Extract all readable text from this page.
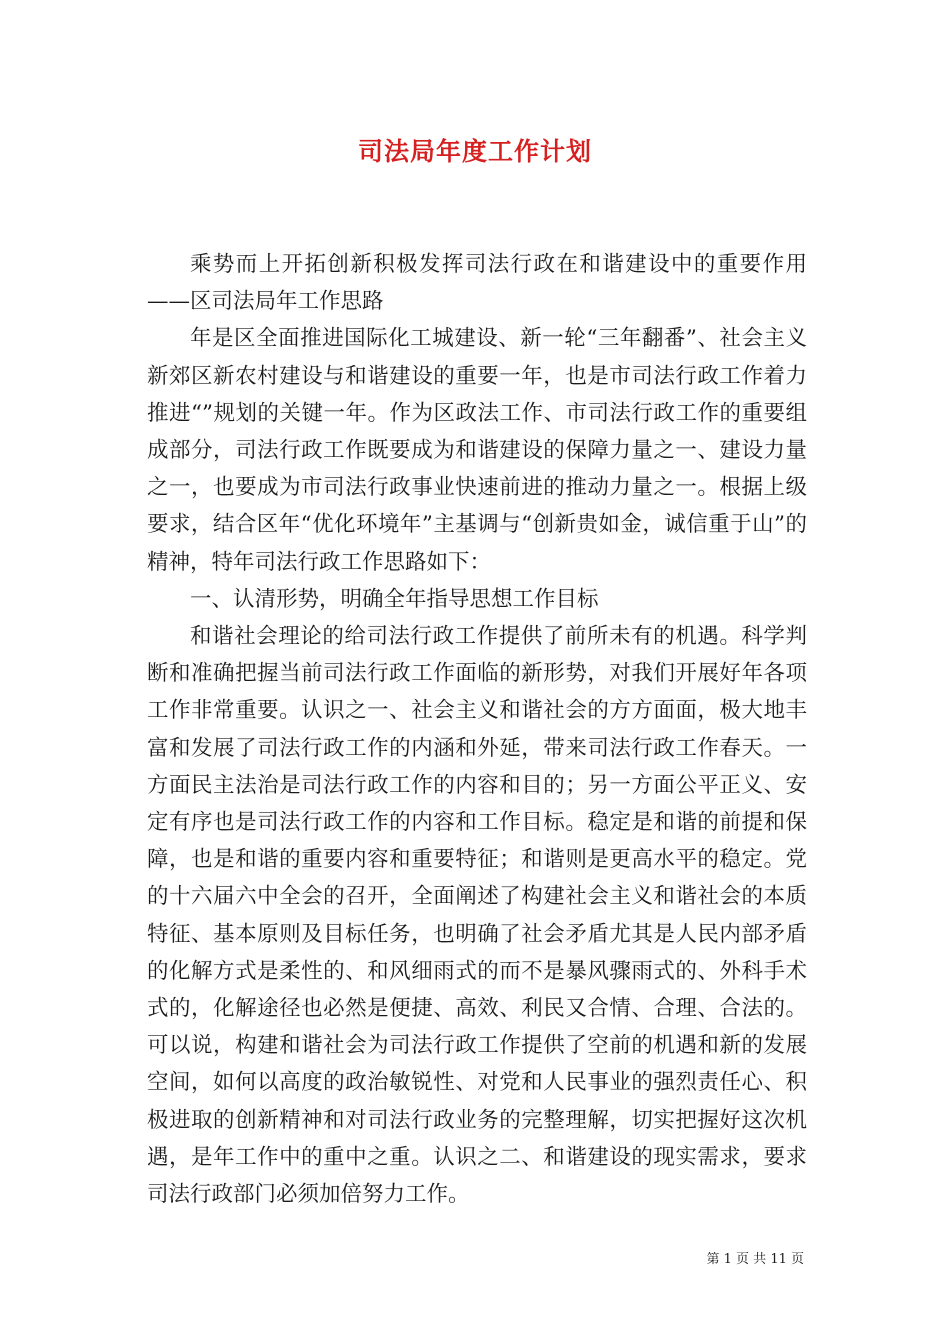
司法局年度工作计划

乘势而上开拓创新积极发挥司法行政在和谐建设中的重要作用——区司法局年工作思路

年是区全面推进国际化工城建设、新一轮“三年翻番”、社会主义新郊区新农村建设与和谐建设的重要一年，也是市司法行政工作着力推进“”规划的关键一年。作为区政法工作、市司法行政工作的重要组成部分，司法行政工作既要成为和谐建设的保障力量之一、建设力量之一，也要成为市司法行政事业快速前进的推动力量之一。根据上级要求，结合区年“优化环境年”主基调与“创新贵如金，诚信重于山”的精神，特年司法行政工作思路如下：

一、认清形势，明确全年指导思想工作目标

和谐社会理论的给司法行政工作提供了前所未有的机遇。科学判断和准确把握当前司法行政工作面临的新形势，对我们开展好年各项工作非常重要。认识之一、社会主义和谐社会的方方面面，极大地丰富和发展了司法行政工作的内涵和外延，带来司法行政工作春天。一方面民主法治是司法行政工作的内容和目的；另一方面公平正义、安定有序也是司法行政工作的内容和工作目标。稳定是和谐的前提和保障，也是和谐的重要内容和重要特征；和谐则是更高水平的稳定。党的十六届六中全会的召开，全面阐述了构建社会主义和谐社会的本质特征、基本原则及目标任务，也明确了社会矛盾尤其是人民内部矛盾的化解方式是柔性的、和风细雨式的而不是暴风骤雨式的、外科手术式的，化解途径也必然是便捷、高效、利民又合情、合理、合法的。可以说，构建和谐社会为司法行政工作提供了空前的机遇和新的发展空间，如何以高度的政治敏锐性、对党和人民事业的强烈责任心、积极进取的创新精神和对司法行政业务的完整理解，切实把握好这次机遇，是年工作中的重中之重。认识之二、和谐建设的现实需求，要求司法行政部门必须加倍努力工作。

第 1 页 共 11 页
